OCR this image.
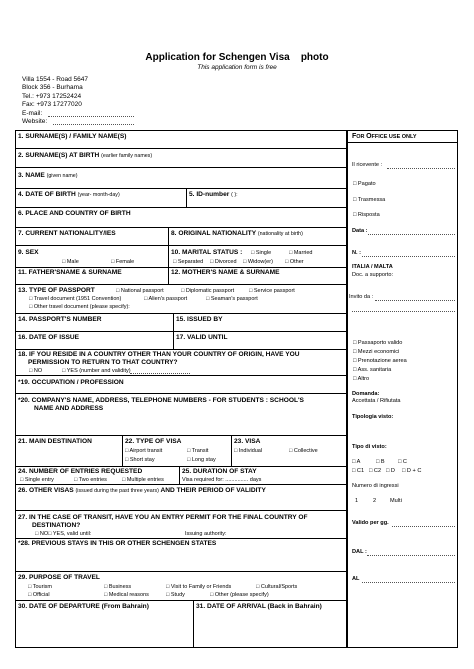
Application for Schengen Visa photo
This application form is free
Villa 1554 - Road 5647
Block 356 - Burhama
Tel.: +973 17252424
Fax: +973 17277020
E-mail:
Website:
1. SURNAME(S) / FAMILY NAME(S)
2. SURNAME(S) AT BIRTH (earlier family names)
3. NAME (given name)
4. DATE OF BIRTH (year- month-day)	5. ID-number ( ):
6. PLACE AND COUNTRY OF BIRTH
7. CURRENT NATIONALITY/IES	8. ORIGINAL NATIONALITY (nationality at birth)
9. SEX
□ Male	□ Female
10. MARITAL STATUS : □ Single	□ Married
□ Separated □ Divorced □ Widow(er) □ Other
11. FATHER'SNAME & SURNAME	12. MOTHER'S NAME & SURNAME
13. TYPE OF PASSPORT	□ National passport	□ Diplomatic passport	□ Service passport
□ Travel document (1951 Convention)	□ Alien's passport	□ Seaman's passport
□ Other travel document (please specify):
14. PASSPORT'S NUMBER	15. ISSUED BY
16. DATE OF ISSUE	17. VALID UNTIL
18. IF YOU RESIDE IN A COUNTRY OTHER THAN YOUR COUNTRY OF ORIGIN, HAVE YOU
PERMISSION TO RETURN TO THAT COUNTRY?
□ NO	□ YES (number and validity)
*19. OCCUPATION / PROFESSION
*20. COMPANY'S NAME, ADDRESS, TELEPHONE NUMBERS - FOR STUDENTS : SCHOOL'S
NAME AND ADDRESS
21. MAIN DESTINATION	22. TYPE OF VISA
□ Airport transit	□ Transit
□ Short stay	□ Long stay
23. VISA
□ Individual	□ Collective
24. NUMBER OF ENTRIES REQUESTED
□ Single entry	□ Two entries	□ Multiple entries
25. DURATION OF STAY
Visa required for: ............... days
26. OTHER VISAS (issued during the past three years) AND THEIR PERIOD OF VALIDITY
27. IN THE CASE OF TRANSIT, HAVE YOU AN ENTRY PERMIT FOR THE FINAL COUNTRY OF
DESTINATION?
□ NO□ YES, valid until:	Issuing authority:
*28. PREVIOUS STAYS IN THIS OR OTHER SCHENGEN STATES
29. PURPOSE OF TRAVEL
□ Tourism	□ Business	□ Visit to Family or Friends	□ Cultural/Sports
□ Official	□ Medical reasons	□ Study	□ Other (please specify)
30. DATE OF DEPARTURE (From Bahrain)	31. DATE OF ARRIVAL (Back in Bahrain)
FOR OFFICE USE ONLY
Il ricevente :
□ Pagato
□ Trasmessa
□ Risposta
Data :
N. :
ITALIA / MALTA
Doc. a supporto:
Invito da :
□ Passaporto valido
□ Mezzi economici
□ Prenotazione aerea
□ Ass. sanitaria
□ Altro
Domanda:
Accettata / Rifiutata
Tipologia visto:
Tipo di visto:
□ A	□ B □ C
□ C1 □ C2 □ D □ D + C
Numero di ingressi
1	2 Multi
Valido per gg.
DAL :
AL
